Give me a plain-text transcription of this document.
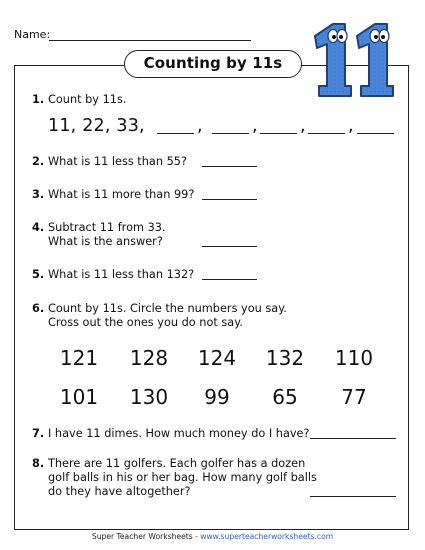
Name:
Counting by 11s
1. Count by 11s.
11, 22, 33,	,	, , ,
2. What is 11 less than 55?
3. What is 11 more than 99?
4. Subtract 11 from 33.
What is the answer?
5. What is 11 less than 132?
6. Count by 11s. Circle the numbers you say.
Cross out the ones you do not say.
121 128 124 132 110
101 130	99	65	77
7. I have 11 dimes. How much money do I have?
8. There are 11 golfers. Each golfer has a dozen
golf balls in his or her bag. How many golf balls
do they have altogether?
Super Teacher Worksheets - www.superteacherworksheets.com
